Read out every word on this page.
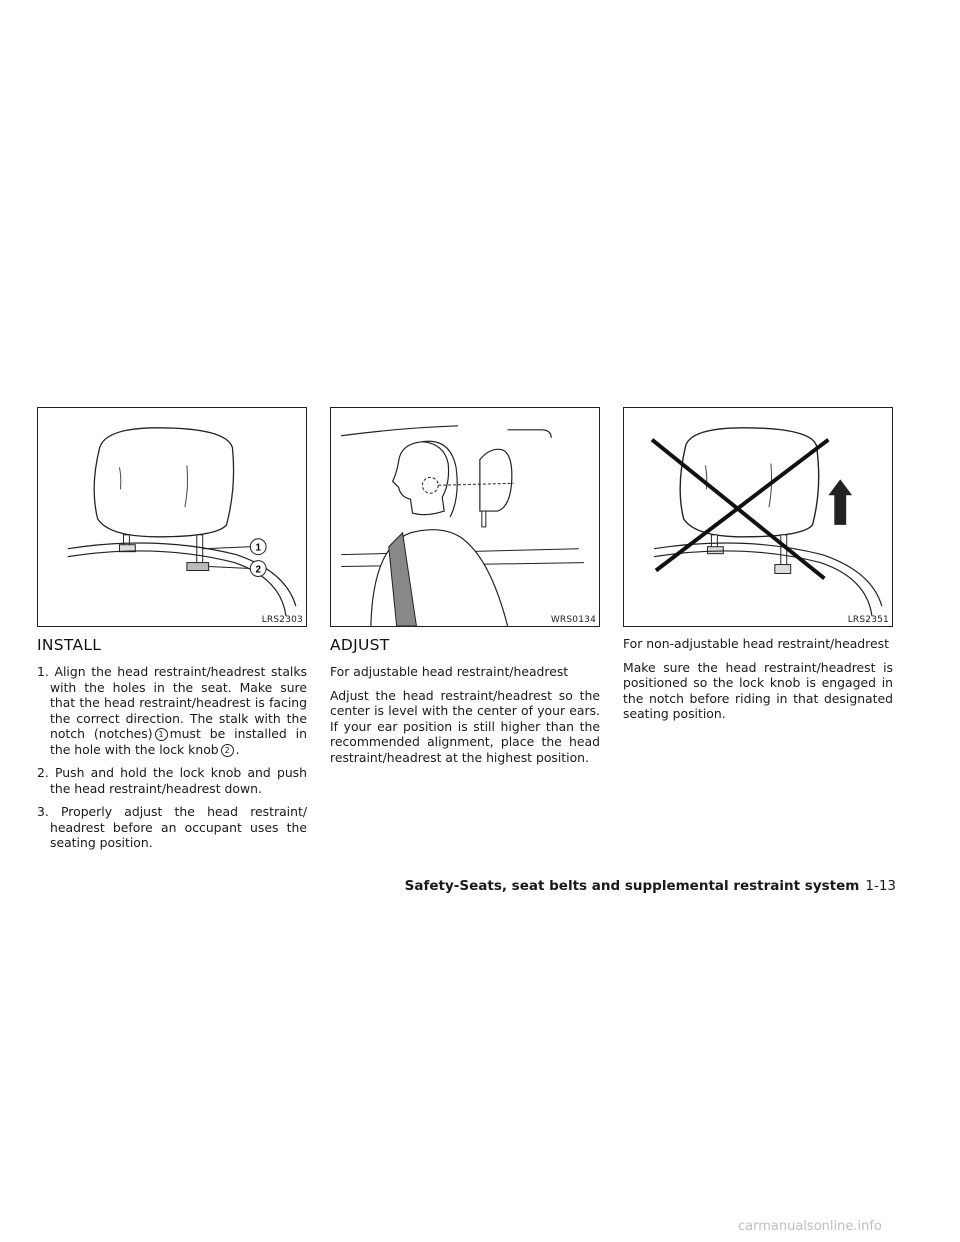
1
2
LRS2303	WRS0134	LRS2351
INSTALL
1. Align the head restraint/headrest stalks with the holes in the seat. Make sure that the head restraint/headrest is facing the correct direction. The stalk with the notch (notches) 1 must be installed in the hole with the lock knob 2 .
2. Push and hold the lock knob and push the head restraint/headrest down.
3. Properly adjust the head restraint/ headrest before an occupant uses the seating position.
ADJUST
For adjustable head restraint/headrest

Adjust the head restraint/headrest so the center is level with the center of your ears. If your ear position is still higher than the recommended alignment, place the head restraint/headrest at the highest position.

For non-adjustable head restraint/headrest

Make sure the head restraint/headrest is positioned so the lock knob is engaged in the notch before riding in that designated seating position.

Safety-Seats, seat belts and supplemental restraint system 1-13
carmanualsonline.info
